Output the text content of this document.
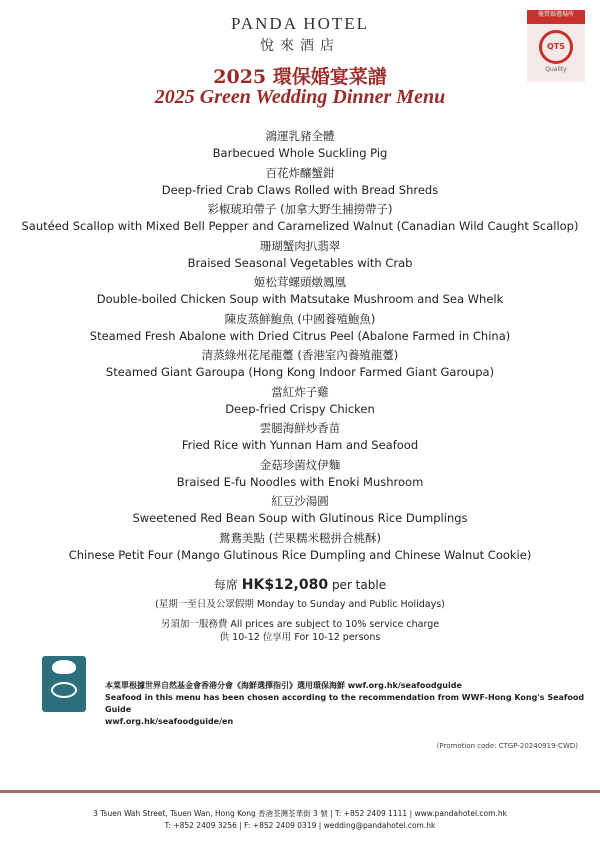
PANDA HOTEL
悅來酒店
優質婚禮場所
QTS
Quality
2025 環保婚宴菜譜
2025 Green Wedding Dinner Menu
鴻運乳豬全體
Barbecued Whole Suckling Pig
百花炸釀蟹鉗
Deep-fried Crab Claws Rolled with Bread Shreds
彩椒琥珀帶子 (加拿大野生捕撈帶子)
Sautéed Scallop with Mixed Bell Pepper and Caramelized Walnut (Canadian Wild Caught Scallop)
珊瑚蟹肉扒翡翠
Braised Seasonal Vegetables with Crab
姬松茸螺頭燉鳳凰
Double-boiled Chicken Soup with Matsutake Mushroom and Sea Whelk
陳皮蒸鮮鮑魚 (中國養殖鮑魚)
Steamed Fresh Abalone with Dried Citrus Peel (Abalone Farmed in China)
清蒸綠州花尾龍躉 (香港室內養殖龍躉)
Steamed Giant Garoupa (Hong Kong Indoor Farmed Giant Garoupa)
當紅炸子雞
Deep-fried Crispy Chicken
雲腿海鮮炒香苗
Fried Rice with Yunnan Ham and Seafood
金菇珍菌炆伊麵
Braised E-fu Noodles with Enoki Mushroom
紅豆沙湯圓
Sweetened Red Bean Soup with Glutinous Rice Dumplings
鴛鴦美點 (芒果糯米糍拼合桃酥)
Chinese Petit Four (Mango Glutinous Rice Dumpling and Chinese Walnut Cookie)
每席 HK$12,080 per table
(星期一至日及公眾假期 Monday to Sunday and Public Holidays)
另須加一服務費 All prices are subject to 10% service charge
供 10-12 位享用 For 10-12 persons
本菜單根據世界自然基金會香港分會《海鮮選擇指引》選用環保海鮮 wwf.org.hk/seafoodguide
Seafood in this menu has been chosen according to the recommendation from WWF-Hong Kong's Seafood Guide
wwf.org.hk/seafoodguide/en
(Promotion code: CTGP-20240919-CWD)
3 Tsuen Wah Street, Tsuen Wan, Hong Kong 香港荃灣荃華街 3 號 | T: +852 2409 1111 | www.pandahotel.com.hk
T: +852 2409 3256 | F: +852 2409 0319 | wedding@pandahotel.com.hk
